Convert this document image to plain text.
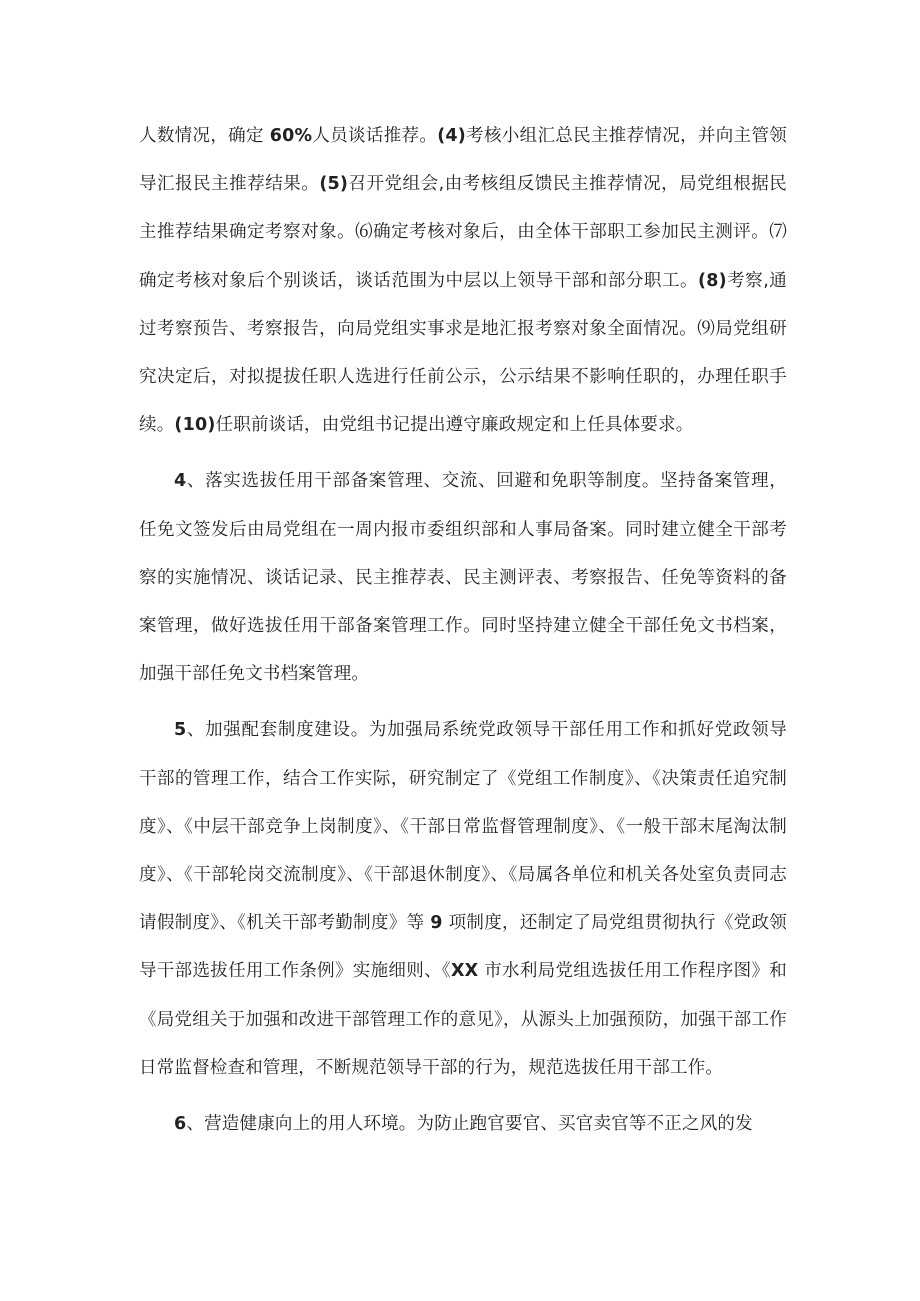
人数情况，确定 60%人员谈话推荐。(4)考核小组汇总民主推荐情况，并向主管领导汇报民主推荐结果。(5)召开党组会,由考核组反馈民主推荐情况，局党组根据民主推荐结果确定考察对象。⑹确定考核对象后，由全体干部职工参加民主测评。⑺确定考核对象后个别谈话，谈话范围为中层以上领导干部和部分职工。(8)考察,通过考察预告、考察报告，向局党组实事求是地汇报考察对象全面情况。⑼局党组研究决定后，对拟提拔任职人选进行任前公示，公示结果不影响任职的，办理任职手续。(10)任职前谈话，由党组书记提出遵守廉政规定和上任具体要求。

4、落实选拔任用干部备案管理、交流、回避和免职等制度。坚持备案管理，任免文签发后由局党组在一周内报市委组织部和人事局备案。同时建立健全干部考察的实施情况、谈话记录、民主推荐表、民主测评表、考察报告、任免等资料的备案管理，做好选拔任用干部备案管理工作。同时坚持建立健全干部任免文书档案，加强干部任免文书档案管理。

5、加强配套制度建设。为加强局系统党政领导干部任用工作和抓好党政领导干部的管理工作，结合工作实际，研究制定了《党组工作制度》、《决策责任追究制度》、《中层干部竞争上岗制度》、《干部日常监督管理制度》、《一般干部末尾淘汰制度》、《干部轮岗交流制度》、《干部退休制度》、《局属各单位和机关各处室负责同志请假制度》、《机关干部考勤制度》等 9 项制度，还制定了局党组贯彻执行《党政领导干部选拔任用工作条例》实施细则、《XX 市水利局党组选拔任用工作程序图》和《局党组关于加强和改进干部管理工作的意见》，从源头上加强预防，加强干部工作日常监督检查和管理，不断规范领导干部的行为，规范选拔任用干部工作。

6、营造健康向上的用人环境。为防止跑官要官、买官卖官等不正之风的发
